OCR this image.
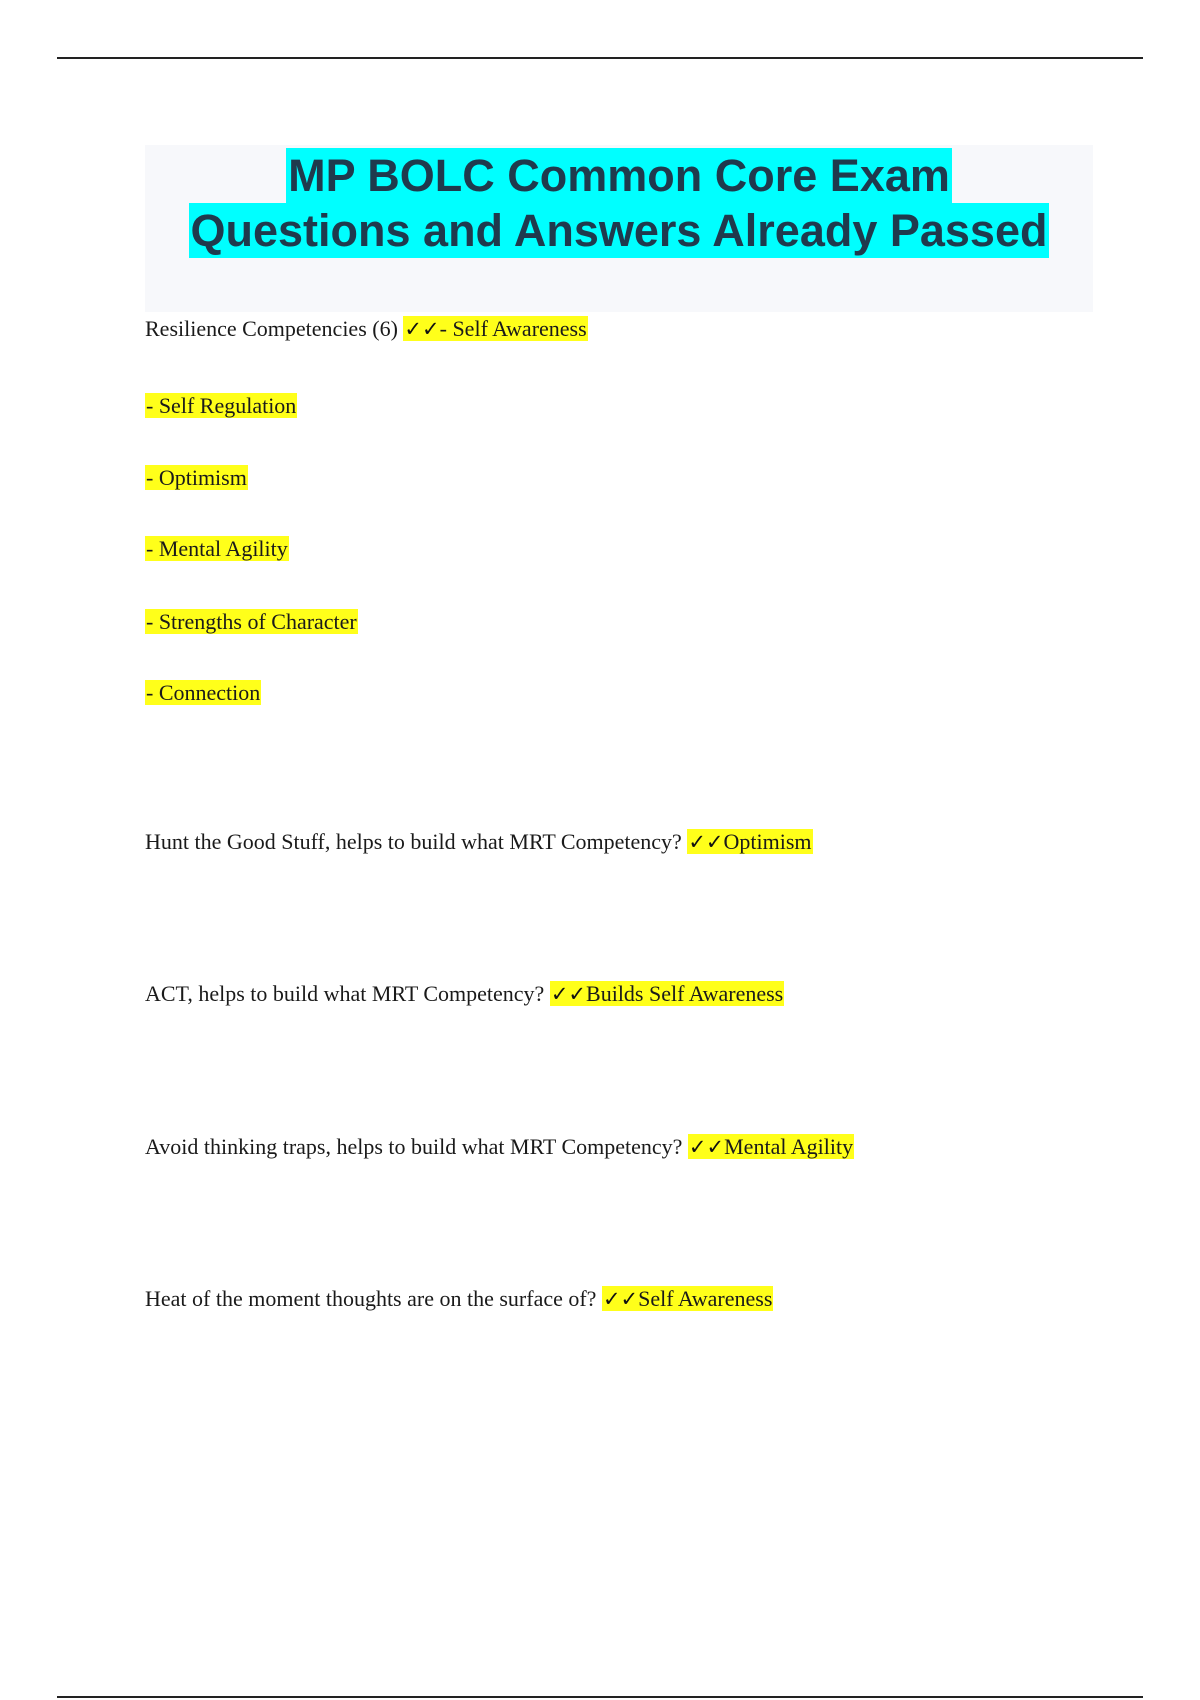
MP BOLC Common Core Exam
Questions and Answers Already Passed
Resilience Competencies (6) ✓✓- Self Awareness
- Self Regulation
- Optimism
- Mental Agility
- Strengths of Character
- Connection
Hunt the Good Stuff, helps to build what MRT Competency? ✓✓Optimism
ACT, helps to build what MRT Competency? ✓✓Builds Self Awareness
Avoid thinking traps, helps to build what MRT Competency? ✓✓Mental Agility
Heat of the moment thoughts are on the surface of? ✓✓Self Awareness
